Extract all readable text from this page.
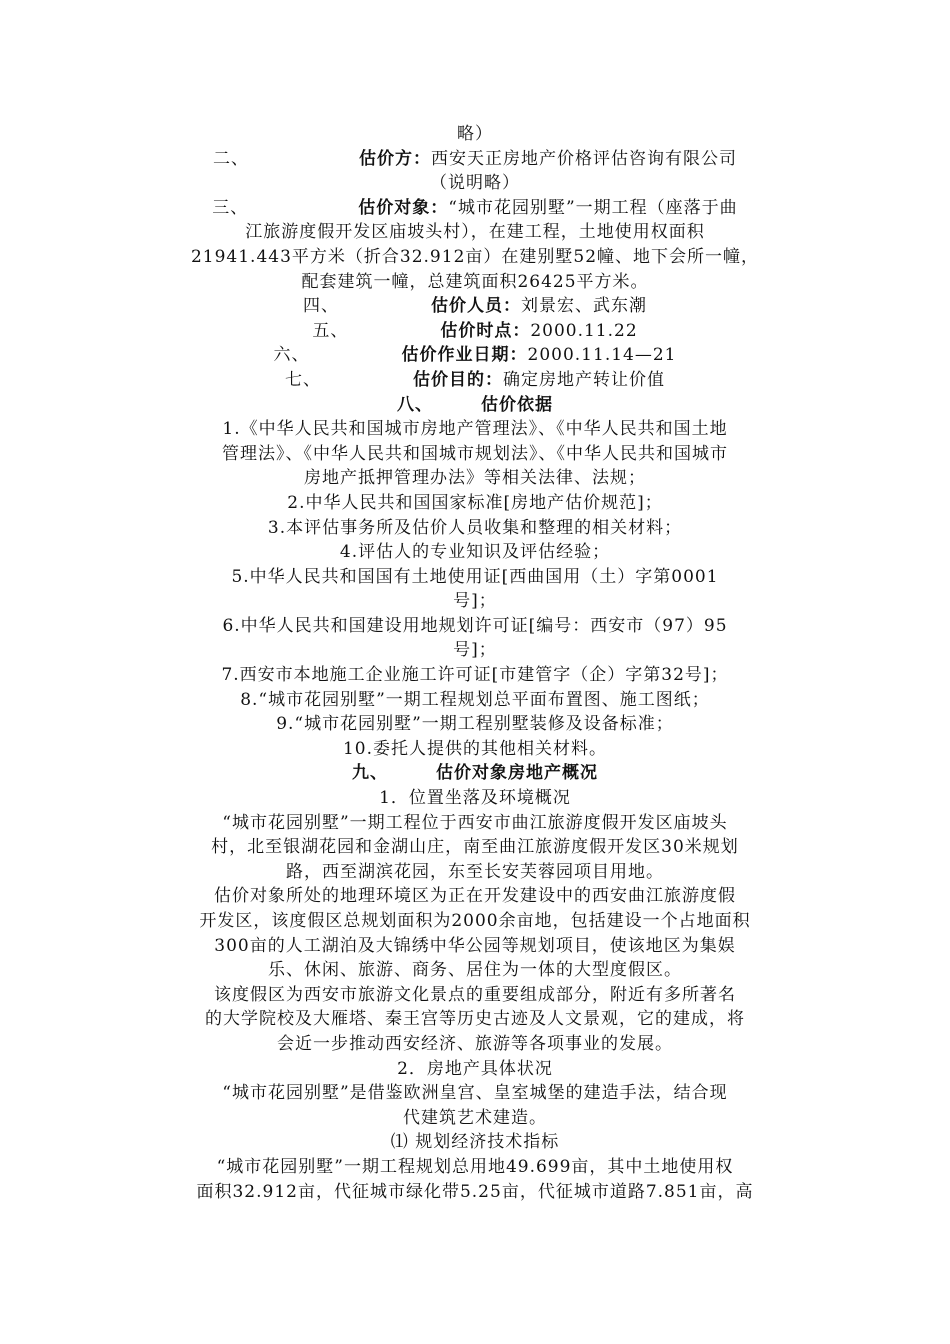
略）

二、	估价方：西安天正房地产价格评估咨询有限公司

（说明略）

三、	估价对象：“城市花园别墅”一期工程（座落于曲

江旅游度假开发区庙坡头村），在建工程，土地使用权面积

21941.443平方米（折合32.912亩）在建别墅52幢、地下会所一幢，

配套建筑一幢，总建筑面积26425平方米。

四、	估价人员：刘景宏、武东潮

五、	估价时点：2000.11.22

六、	估价作业日期：2000.11.14—21

七、	估价目的：确定房地产转让价值

八、	估价依据

1.《中华人民共和国城市房地产管理法》、《中华人民共和国土地

管理法》、《中华人民共和国城市规划法》、《中华人民共和国城市

房地产抵押管理办法》等相关法律、法规；

2.中华人民共和国国家标准[房地产估价规范]；

3.本评估事务所及估价人员收集和整理的相关材料；

4.评估人的专业知识及评估经验；

5.中华人民共和国国有土地使用证[西曲国用（土）字第0001

号]；

6.中华人民共和国建设用地规划许可证[编号：西安市（97）95

号]；

7.西安市本地施工企业施工许可证[市建管字（企）字第32号]；

8.“城市花园别墅”一期工程规划总平面布置图、施工图纸；

9.“城市花园别墅”一期工程别墅装修及设备标准；

10.委托人提供的其他相关材料。

九、	估价对象房地产概况

1．位置坐落及环境概况

“城市花园别墅”一期工程位于西安市曲江旅游度假开发区庙坡头

村，北至银湖花园和金湖山庄，南至曲江旅游度假开发区30米规划

路，西至湖滨花园，东至长安芙蓉园项目用地。

估价对象所处的地理环境区为正在开发建设中的西安曲江旅游度假

开发区，该度假区总规划面积为2000余亩地，包括建设一个占地面积

300亩的人工湖泊及大锦绣中华公园等规划项目，使该地区为集娱

乐、休闲、旅游、商务、居住为一体的大型度假区。

该度假区为西安市旅游文化景点的重要组成部分，附近有多所著名

的大学院校及大雁塔、秦王宫等历史古迹及人文景观，它的建成，将

会近一步推动西安经济、旅游等各项事业的发展。

2．房地产具体状况

“城市花园别墅”是借鉴欧洲皇宫、皇室城堡的建造手法，结合现

代建筑艺术建造。

⑴ 规划经济技术指标

“城市花园别墅”一期工程规划总用地49.699亩，其中土地使用权

面积32.912亩，代征城市绿化带5.25亩，代征城市道路7.851亩，高
